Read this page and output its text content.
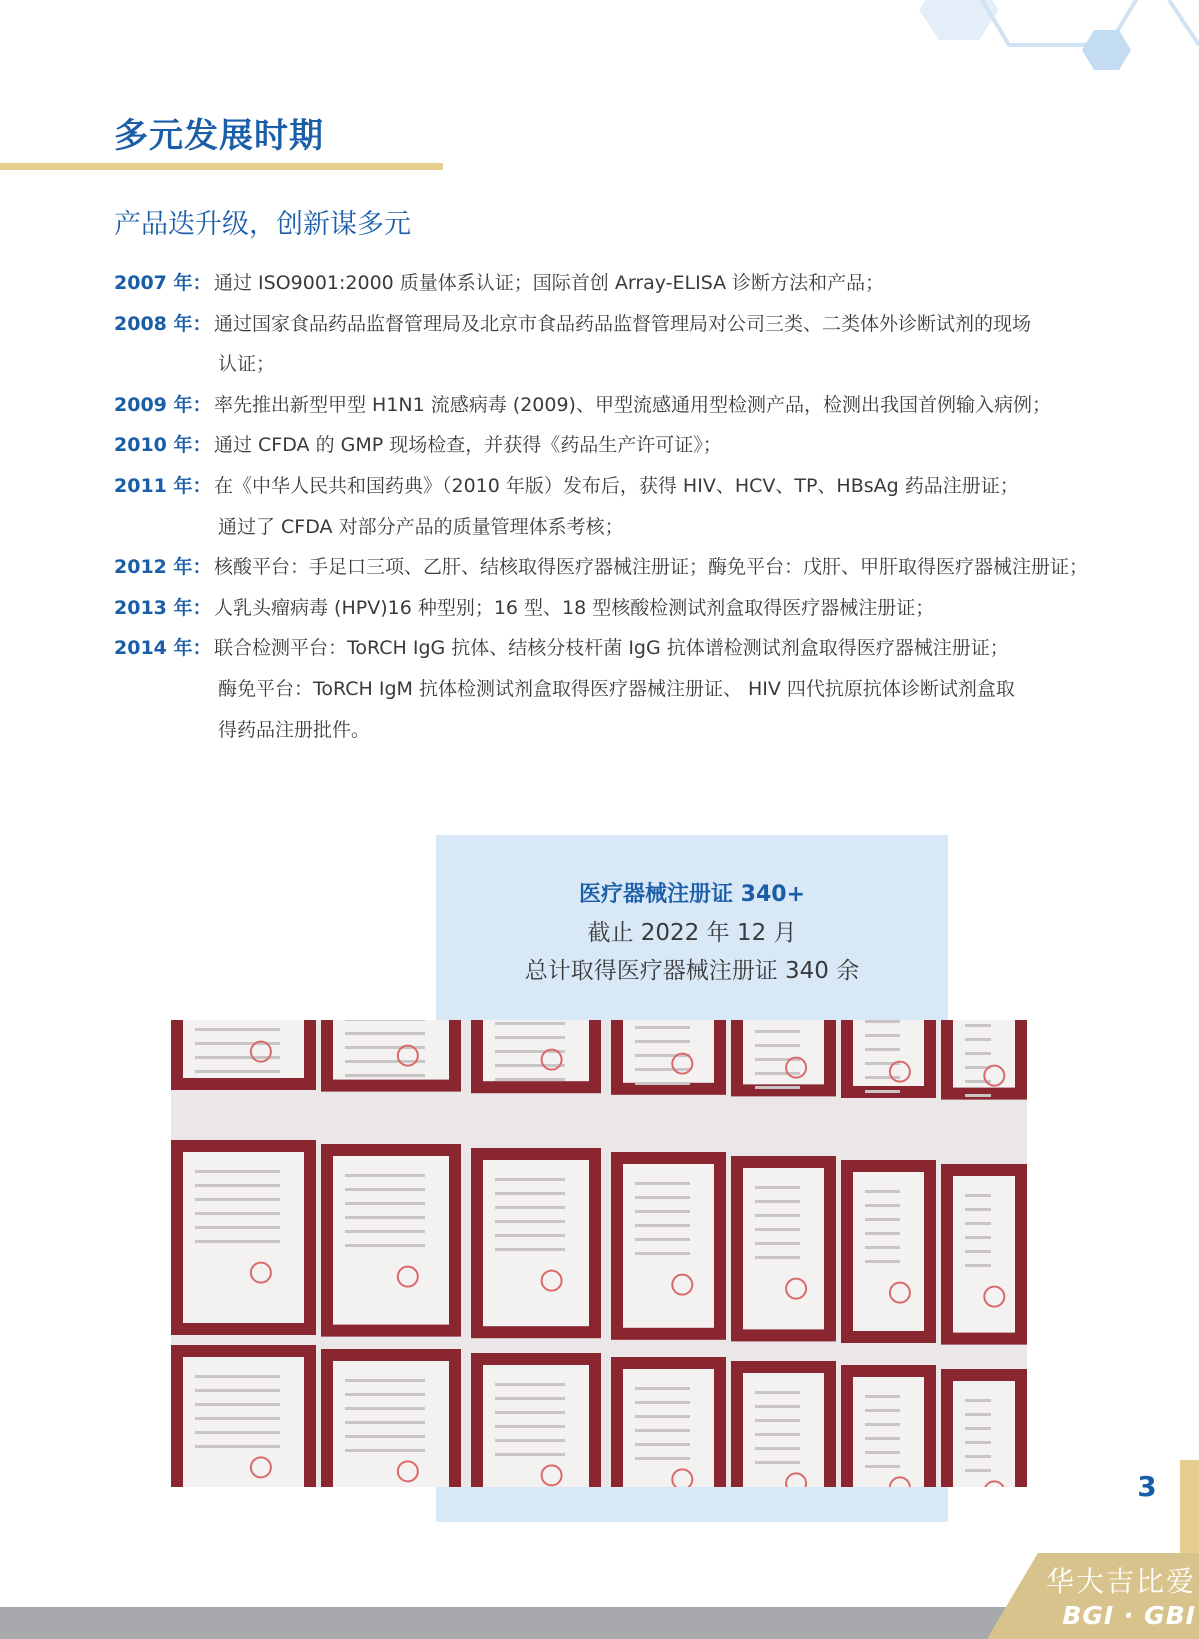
多元发展时期
产品迭升级，创新谋多元
2007 年： 通过 ISO9001:2000 质量体系认证；国际首创 Array-ELISA 诊断方法和产品；
2008 年： 通过国家食品药品监督管理局及北京市食品药品监督管理局对公司三类、二类体外诊断试剂的现场
认证；
2009 年： 率先推出新型甲型 H1N1 流感病毒 (2009)、甲型流感通用型检测产品，检测出我国首例输入病例；
2010 年： 通过 CFDA 的 GMP 现场检查，并获得《药品生产许可证》；
2011 年： 在《中华人民共和国药典》（2010 年版）发布后，获得 HIV、HCV、TP、HBsAg 药品注册证；
通过了 CFDA 对部分产品的质量管理体系考核；
2012 年： 核酸平台：手足口三项、乙肝、结核取得医疗器械注册证；酶免平台：戊肝、甲肝取得医疗器械注册证；
2013 年： 人乳头瘤病毒 (HPV)16 种型别；16 型、18 型核酸检测试剂盒取得医疗器械注册证；
2014 年： 联合检测平台：ToRCH IgG 抗体、结核分枝杆菌 IgG 抗体谱检测试剂盒取得医疗器械注册证；
酶免平台：ToRCH IgM 抗体检测试剂盒取得医疗器械注册证、 HIV 四代抗原抗体诊断试剂盒取
得药品注册批件。
医疗器械注册证 340+
截止 2022 年 12 月
总计取得医疗器械注册证 340 余
3
华大吉比爱
BGI · GBI
